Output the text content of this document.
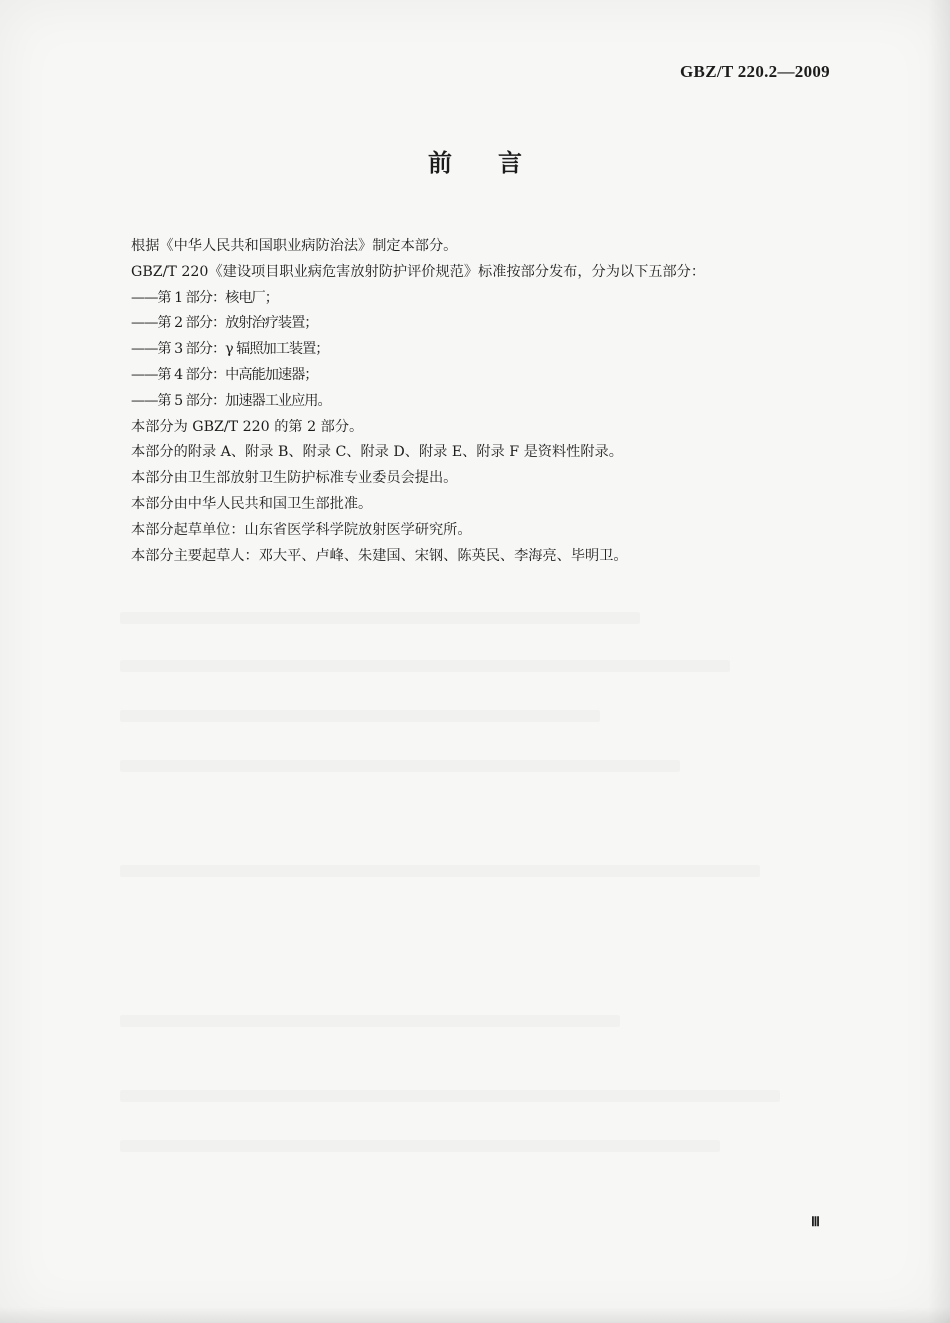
GBZ/T 220.2—2009
前言
根据《中华人民共和国职业病防治法》制定本部分。
GBZ/T 220《建设项目职业病危害放射防护评价规范》标准按部分发布，分为以下五部分：
——第 1 部分：核电厂；
——第 2 部分：放射治疗装置；
——第 3 部分：γ 辐照加工装置；
——第 4 部分：中高能加速器；
——第 5 部分：加速器工业应用。
本部分为 GBZ/T 220 的第 2 部分。
本部分的附录 A、附录 B、附录 C、附录 D、附录 E、附录 F 是资料性附录。
本部分由卫生部放射卫生防护标准专业委员会提出。
本部分由中华人民共和国卫生部批准。
本部分起草单位：山东省医学科学院放射医学研究所。
本部分主要起草人：邓大平、卢峰、朱建国、宋钢、陈英民、李海亮、毕明卫。
Ⅲ
